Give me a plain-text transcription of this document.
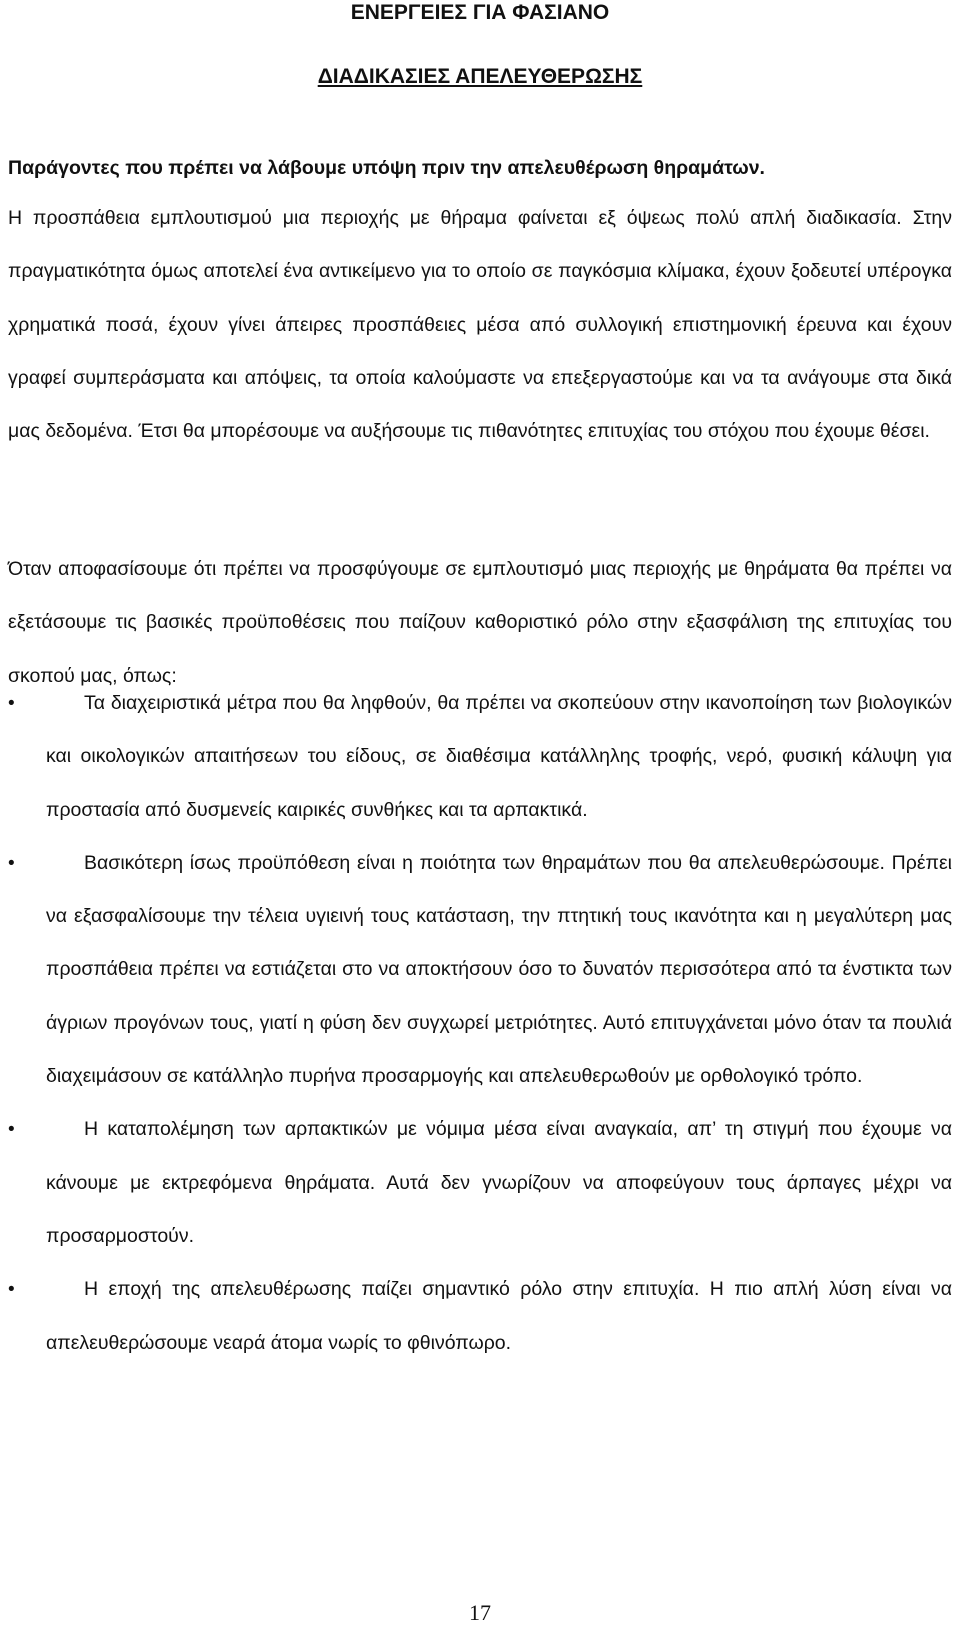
ΕΝΕΡΓΕΙΕΣ ΓΙΑ ΦΑΣΙΑΝΟ
ΔΙΑΔΙΚΑΣΙΕΣ ΑΠΕΛΕΥΘΕΡΩΣΗΣ

Παράγοντες που πρέπει να λάβουμε υπόψη πριν την απελευθέρωση θηραμάτων.

Η προσπάθεια εμπλουτισμού μια περιοχής με θήραμα φαίνεται εξ όψεως πολύ απλή διαδικασία. Στην πραγματικότητα όμως αποτελεί ένα αντικείμενο για το οποίο σε παγκόσμια κλίμακα, έχουν ξοδευτεί υπέρογκα χρηματικά ποσά, έχουν γίνει άπειρες προσπάθειες μέσα από συλλογική επιστημονική έρευνα και έχουν γραφεί συμπεράσματα και απόψεις, τα οποία καλούμαστε να επεξεργαστούμε και να τα ανάγουμε στα δικά μας δεδομένα. Έτσι θα μπορέσουμε να αυξήσουμε τις πιθανότητες επιτυχίας του στόχου που έχουμε θέσει.

Όταν αποφασίσουμε ότι πρέπει να προσφύγουμε σε εμπλουτισμό μιας περιοχής με θηράματα θα πρέπει να εξετάσουμε τις βασικές προϋποθέσεις που παίζουν καθοριστικό ρόλο στην εξασφάλιση της επιτυχίας του σκοπού μας, όπως:

•	Τα διαχειριστικά μέτρα που θα ληφθούν, θα πρέπει να σκοπεύουν στην ικανοποίηση των βιολογικών και οικολογικών απαιτήσεων του είδους, σε διαθέσιμα κατάλληλης τροφής, νερό, φυσική κάλυψη για προστασία από δυσμενείς καιρικές συνθήκες και τα αρπακτικά.
•	Βασικότερη ίσως προϋπόθεση είναι η ποιότητα των θηραμάτων που θα απελευθερώσουμε. Πρέπει να εξασφαλίσουμε την τέλεια υγιεινή τους κατάσταση, την πτητική τους ικανότητα και η μεγαλύτερη μας προσπάθεια πρέπει να εστιάζεται στο να αποκτήσουν όσο το δυνατόν περισσότερα από τα ένστικτα των άγριων προγόνων τους, γιατί η φύση δεν συγχωρεί μετριότητες. Αυτό επιτυγχάνεται μόνο όταν τα πουλιά διαχειμάσουν σε κατάλληλο πυρήνα προσαρμογής και απελευθερωθούν με ορθολογικό τρόπο.
•	Η καταπολέμηση των αρπακτικών με νόμιμα μέσα είναι αναγκαία, απ’ τη στιγμή που έχουμε να κάνουμε με εκτρεφόμενα θηράματα. Αυτά δεν γνωρίζουν να αποφεύγουν τους άρπαγες μέχρι να προσαρμοστούν.
•	Η εποχή της απελευθέρωσης παίζει σημαντικό ρόλο στην επιτυχία. Η πιο απλή λύση είναι να απελευθερώσουμε νεαρά άτομα νωρίς το φθινόπωρο.
17
